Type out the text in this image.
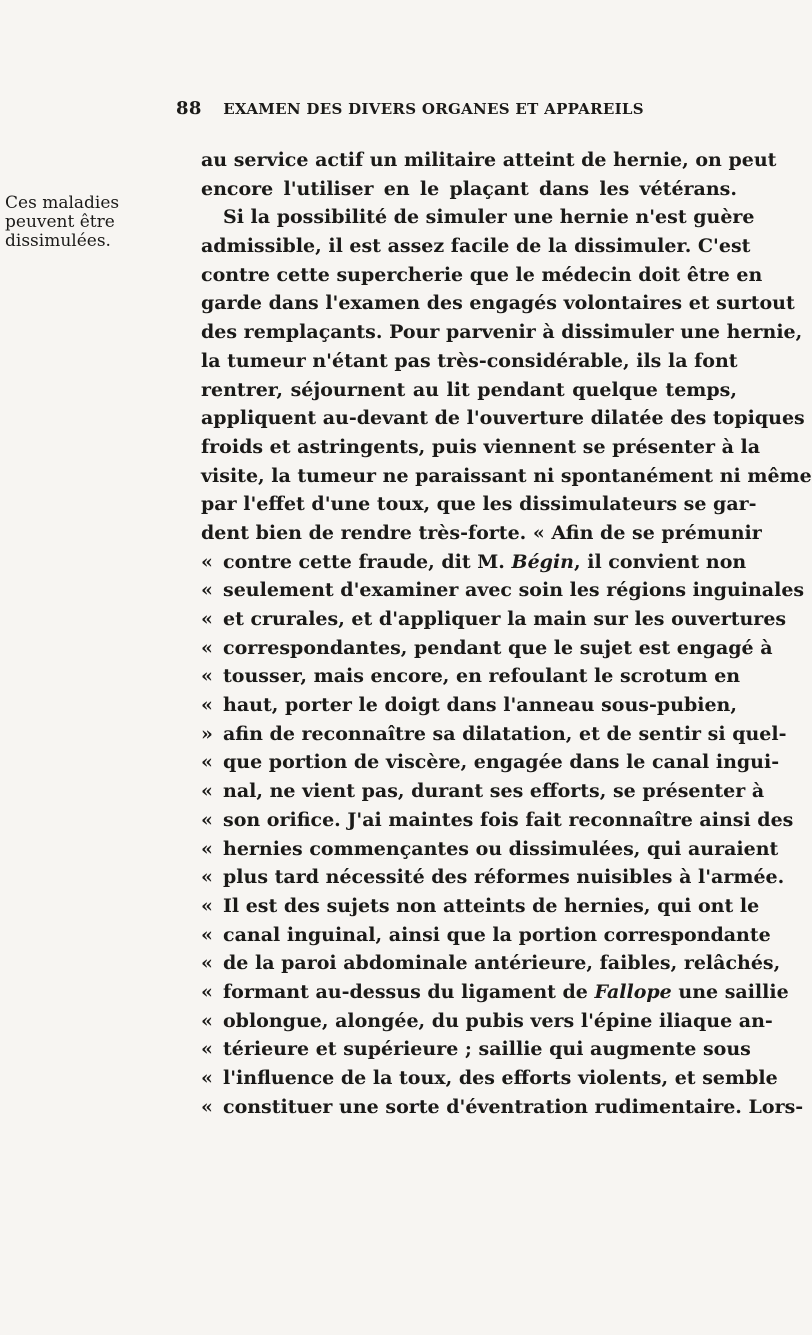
88 EXAMEN DES DIVERS ORGANES ET APPAREILS
Ces maladies
peuvent être
dissimulées.
au service actif un militaire atteint de hernie, on peut
encore l'utiliser en le plaçant dans les vétérans.
Si la possibilité de simuler une hernie n'est guère
admissible, il est assez facile de la dissimuler. C'est
contre cette supercherie que le médecin doit être en
garde dans l'examen des engagés volontaires et surtout
des remplaçants. Pour parvenir à dissimuler une hernie,
la tumeur n'étant pas très-considérable, ils la font
rentrer, séjournent au lit pendant quelque temps,
appliquent au-devant de l'ouverture dilatée des topiques
froids et astringents, puis viennent se présenter à la
visite, la tumeur ne paraissant ni spontanément ni même
par l'effet d'une toux, que les dissimulateurs se gar-
dent bien de rendre très-forte. « Afin de se prémunir
« contre cette fraude, dit M. Bégin, il convient non
« seulement d'examiner avec soin les régions inguinales
« et crurales, et d'appliquer la main sur les ouvertures
« correspondantes, pendant que le sujet est engagé à
« tousser, mais encore, en refoulant le scrotum en
« haut, porter le doigt dans l'anneau sous-pubien,
» afin de reconnaître sa dilatation, et de sentir si quel-
« que portion de viscère, engagée dans le canal ingui-
« nal, ne vient pas, durant ses efforts, se présenter à
« son orifice. J'ai maintes fois fait reconnaître ainsi des
« hernies commençantes ou dissimulées, qui auraient
« plus tard nécessité des réformes nuisibles à l'armée.
« Il est des sujets non atteints de hernies, qui ont le
« canal inguinal, ainsi que la portion correspondante
« de la paroi abdominale antérieure, faibles, relâchés,
« formant au-dessus du ligament de Fallope une saillie
« oblongue, alongée, du pubis vers l'épine iliaque an-
« térieure et supérieure ; saillie qui augmente sous
« l'influence de la toux, des efforts violents, et semble
« constituer une sorte d'éventration rudimentaire. Lors-
